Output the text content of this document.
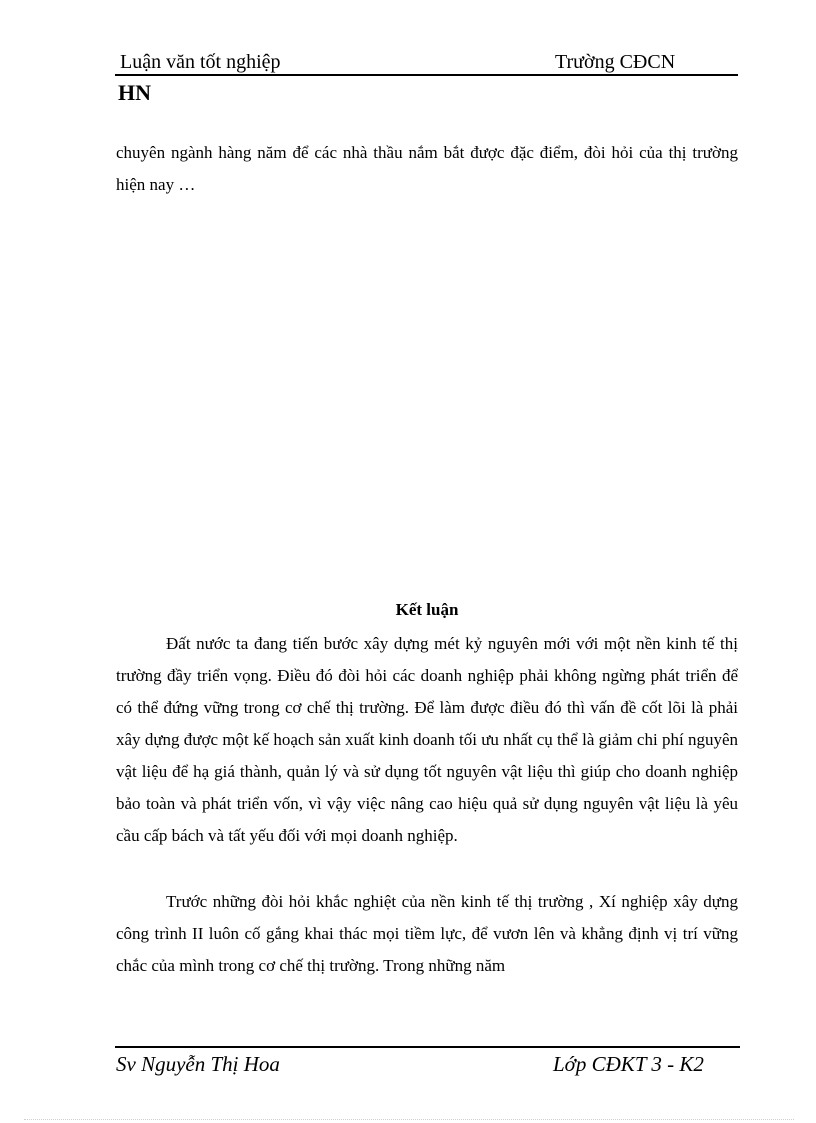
Luận văn tốt nghiệp	Trường CĐCN
HN
chuyên ngành hàng năm để các nhà thầu nắm bắt được đặc điểm, đòi hỏi của thị trường hiện nay …
Kết luận
Đất nước ta đang tiến bước xây dựng mét kỷ nguyên mới với một nền kinh tế thị trường đầy triển vọng. Điều đó đòi hỏi các doanh nghiệp phải không ngừng phát triển để có thể đứng vững trong cơ chế thị trường. Để làm được điều đó thì vấn đề cốt lõi là phải xây dựng được một kế hoạch sản xuất kinh doanh tối ưu nhất cụ thể là giảm chi phí nguyên vật liệu để hạ giá thành, quản lý và sử dụng tốt nguyên vật liệu thì giúp cho doanh nghiệp bảo toàn và phát triển vốn, vì vậy việc nâng cao hiệu quả sử dụng nguyên vật liệu là yêu cầu cấp bách và tất yếu đối với mọi doanh nghiệp.
Trước những đòi hỏi khắc nghiệt của nền kinh tế thị trường , Xí nghiệp xây dựng công trình II luôn cố gắng khai thác mọi tiềm lực, để vươn lên và khẳng định vị trí vững chắc của mình trong cơ chế thị trường. Trong những năm
Sv Nguyễn Thị Hoa	Lớp CĐKT 3 - K2
